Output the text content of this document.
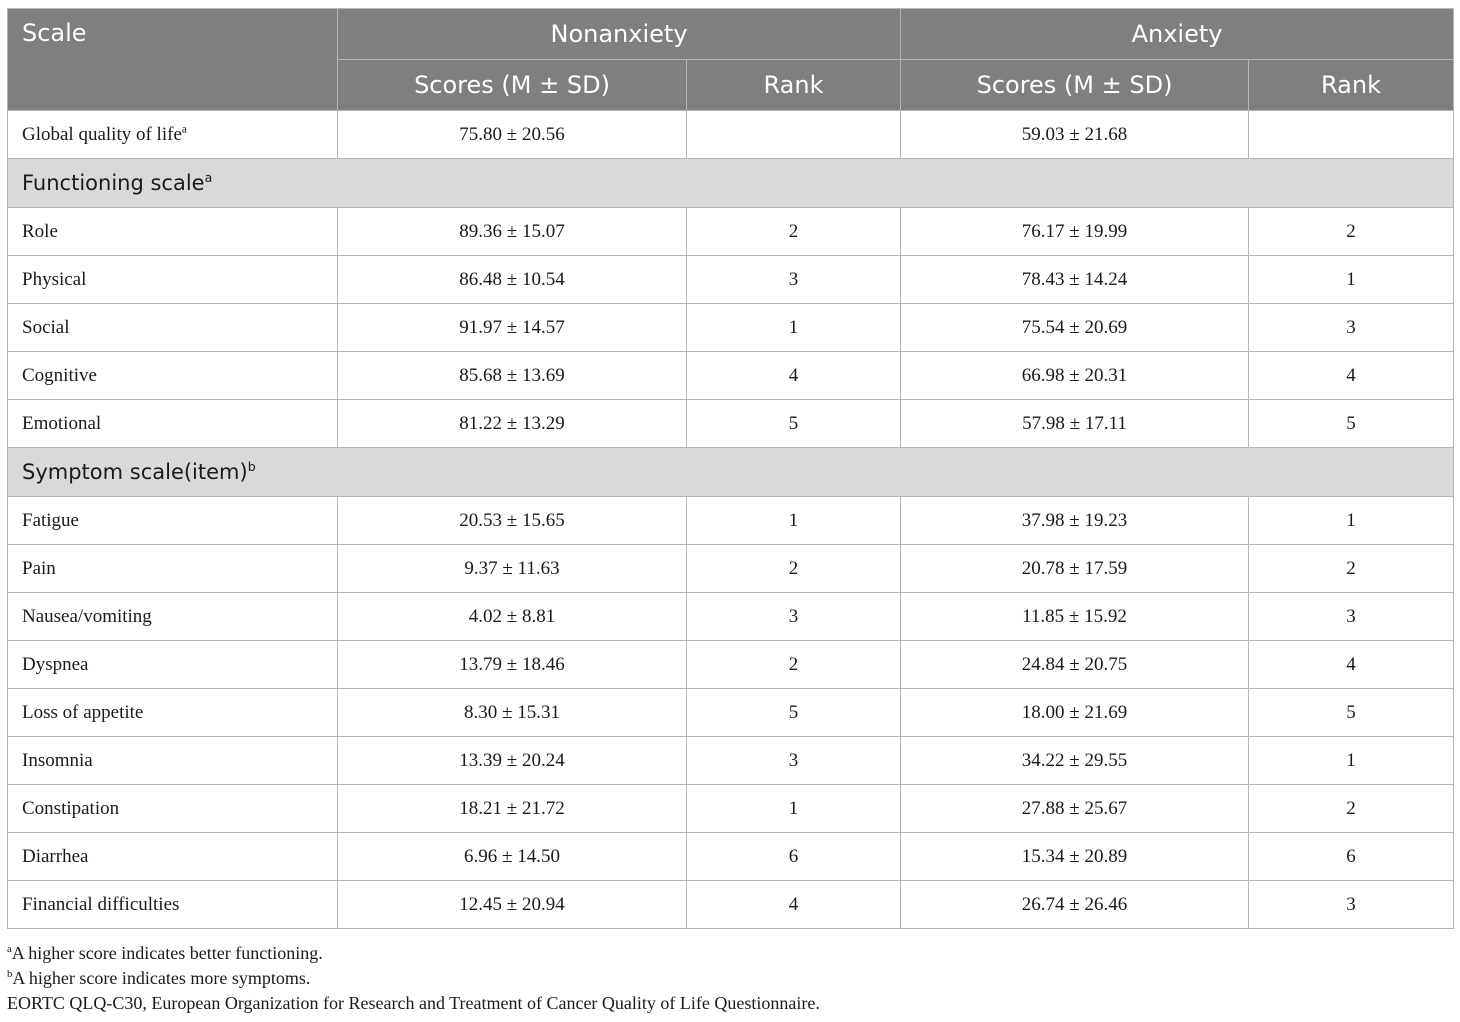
Scale	Nonanxiety		Anxiety	
	Scores (M ± SD)	Rank	Scores (M ± SD)	Rank
Global quality of life$^a$	75.80 ± 20.56		59.03 ± 21.68	
Functioning scale$^a$
Role	89.36 ± 15.07	2	76.17 ± 19.99	2
Physical	86.48 ± 10.54	3	78.43 ± 14.24	1
Social	91.97 ± 14.57	1	75.54 ± 20.69	3
Cognitive	85.68 ± 13.69	4	66.98 ± 20.31	4
Emotional	81.22 ± 13.29	5	57.98 ± 17.11	5
Symptom scale(item)$^b$
Fatigue	20.53 ± 15.65	1	37.98 ± 19.23	1
Pain	9.37 ± 11.63	2	20.78 ± 17.59	2
Nausea/vomiting	4.02 ± 8.81	3	11.85 ± 15.92	3
Dyspnea	13.79 ± 18.46	2	24.84 ± 20.75	4
Loss of appetite	8.30 ± 15.31	5	18.00 ± 21.69	5
Insomnia	13.39 ± 20.24	3	34.22 ± 29.55	1
Constipation	18.21 ± 21.72	1	27.88 ± 25.67	2
Diarrhea	6.96 ± 14.50	6	15.34 ± 20.89	6
Financial difficulties	12.45 ± 20.94	4	26.74 ± 26.46	3
$^a$A higher score indicates better functioning.
$^b$A higher score indicates more symptoms.
EORTC QLQ-C30, European Organization for Research and Treatment of Cancer Quality of Life Questionnaire.
